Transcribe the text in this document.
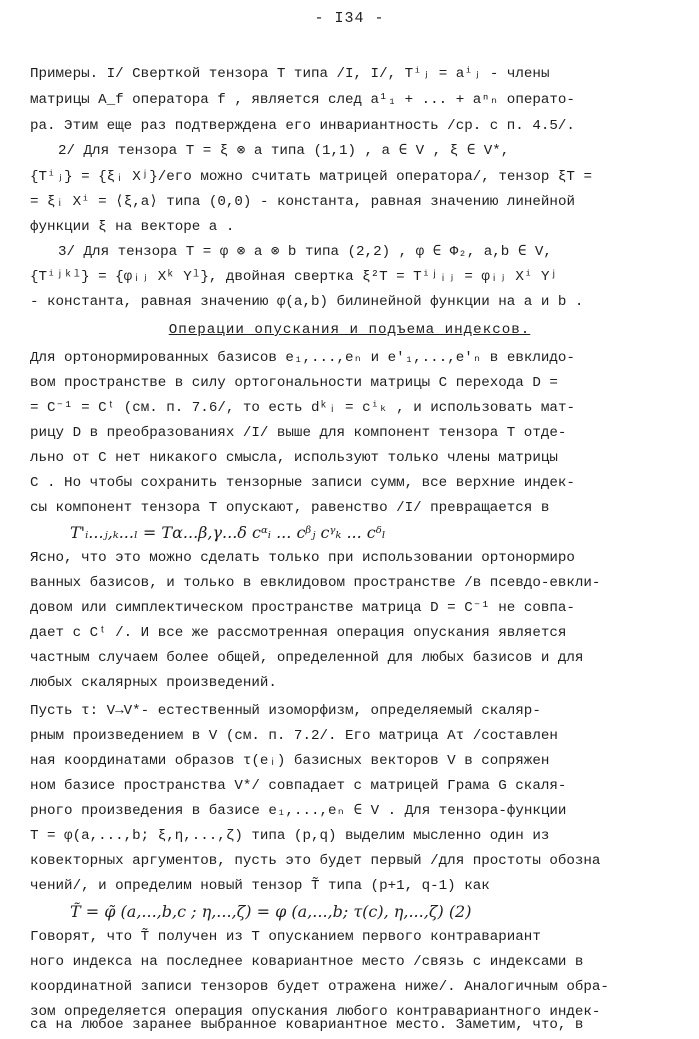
- I34 -
Примеры. I/ Сверткой тензора T типа /I, I/, Tⁱⱼ = aⁱⱼ - члены
матрицы A_f оператора f , является след a¹₁ + ... + aⁿₙ операто-
ра. Этим еще раз подтверждена его инвариантность /ср. с п. 4.5/.
2/ Для тензора T = ξ ⊗ a типа (1,1) , a ∈ V , ξ ∈ V*,
{Tⁱⱼ} = {ξᵢ Xʲ}/его можно считать матрицей оператора/, тензор ξT =
= ξᵢ Xⁱ = ⟨ξ,a⟩ типа (0,0) - константа, равная значению линейной
функции ξ на векторе a .
3/ Для тензора T = φ ⊗ a ⊗ b типа (2,2) , φ ∈ Φ₂, a,b ∈ V,
{Tⁱʲᵏˡ} = {φᵢⱼ Xᵏ Yˡ}, двойная свертка ξ²T = Tⁱʲᵢⱼ = φᵢⱼ Xⁱ Yʲ
- константа, равная значению φ(a,b) билинейной функции на a и b .
Операции опускания и подъема индексов.
Для ортонормированных базисов e₁,...,eₙ и e'₁,...,e'ₙ в евклидо-
вом пространстве в силу ортогональности матрицы C перехода D =
= C⁻¹ = Cᵗ (см. п. 7.6/, то есть dᵏᵢ = cⁱₖ , и использовать мат-
рицу D в преобразованиях /I/ выше для компонент тензора T отде-
льно от C нет никакого смысла, используют только члены матрицы
C . Но чтобы сохранить тензорные записи сумм, все верхние индек-
сы компонент тензора T опускают, равенство /I/ превращается в
T'ᵢ...ⱼ,ₖ...ₗ = Tα...β,γ...δ cᵅᵢ ... cᵝⱼ cᵞₖ ... cᵟₗ
Ясно, что это можно сделать только при использовании ортонормиро
ванных базисов, и только в евклидовом пространстве /в псевдо-евкли-
довом или симплектическом пространстве матрица D = C⁻¹ не совпа-
дает с Cᵗ /. И все же рассмотренная операция опускания является
частным случаем более общей, определенной для любых базисов и для
любых скалярных произведений.
Пусть τ: V→V*- естественный изоморфизм, определяемый скаляр-
рным произведением в V (см. п. 7.2/. Его матрица Aτ /составлен
ная координатами образов τ(eᵢ) базисных векторов V в сопряжен
ном базисе пространства V*/ совпадает с матрицей Грама G скаля-
рного произведения в базисе e₁,...,eₙ ∈ V . Для тензора-функции
T = φ(a,...,b; ξ,η,...,ζ) типа (p,q) выделим мысленно один из
ковекторных аргументов, пусть это будет первый /для простоты обозна
чений/, и определим новый тензор T̃ типа (p+1, q-1) как
T̃ = φ̃ (a,...,b,c ; η,...,ζ) = φ (a,...,b; τ(c), η,...,ζ) (2)
Говорят, что T̃ получен из T опусканием первого контравариант
ного индекса на последнее ковариантное место /связь с индексами в
координатной записи тензоров будет отражена ниже/. Аналогичным обра-
зом определяется операция опускания любого контравариантного индек-
са на любое заранее выбранное ковариантное место. Заметим, что, в
